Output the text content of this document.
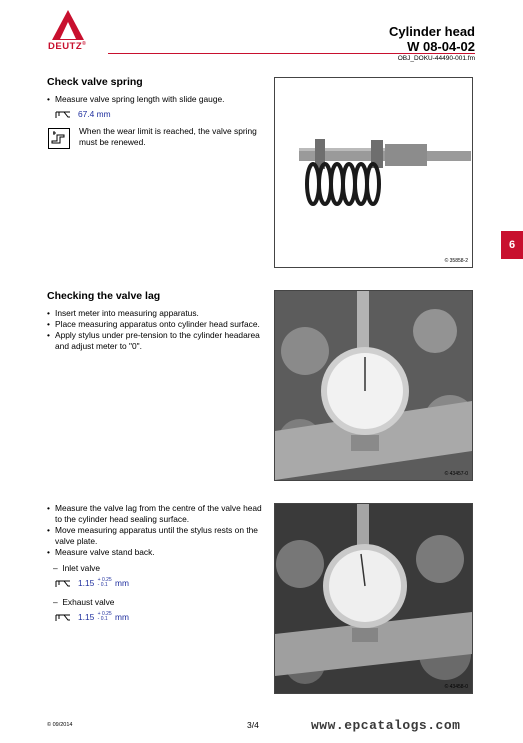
DEUTZ®
Cylinder head
W 08-04-02
OBJ_DOKU-44490-001.fm
6
Check valve spring
• Measure valve spring length with slide gauge.
67.4 mm
When the wear limit is reached, the valve spring must be renewed.
© 35858-2
Checking the valve lag
• Insert meter into measuring apparatus.
• Place measuring apparatus onto cylinder head surface.
• Apply stylus under pre-tension to the cylinder headarea and adjust meter to "0".
© 43457-0
• Measure the valve lag from the centre of the valve head to the cylinder head sealing surface.
• Move measuring apparatus until the stylus rests on the valve plate.
• Measure valve stand back.
–  Inlet valve
1.15
+ 0.25
- 0.1
mm
–  Exhaust valve
1.15
+ 0.25
- 0.1
mm
© 43458-0
© 09/2014	3/4	www.epcatalogs.com
